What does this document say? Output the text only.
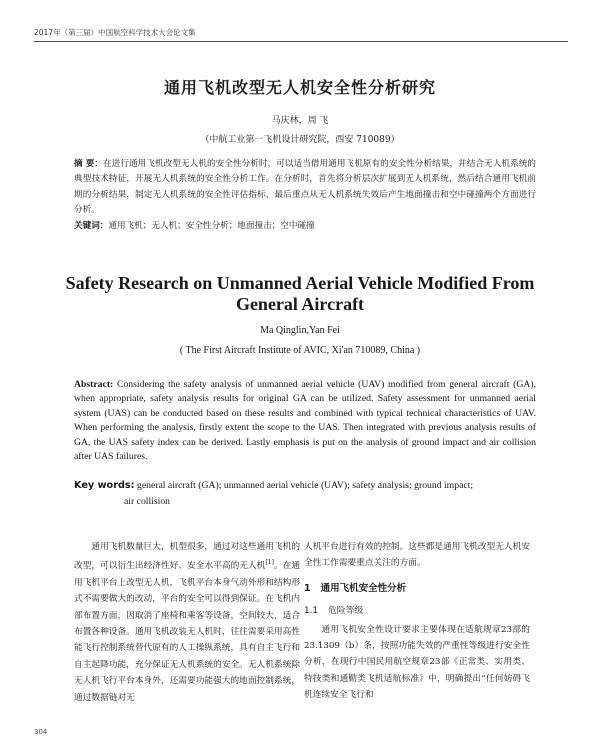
2017年（第三届）中国航空科学技术大会论文集
通用飞机改型无人机安全性分析研究
马庆林，周 飞
（中航工业第一飞机设计研究院，西安 710089）
摘 要：在进行通用飞机改型无人机的安全性分析时，可以适当借用通用飞机原有的安全性分析结果，并结合无人机系统的典型技术特征，开展无人机系统的安全性分析工作。在分析时，首先将分析层次扩展到无人机系统，然后结合通用飞机前期的分析结果，制定无人机系统的安全性评估指标，最后重点从无人机系统失效后产生地面撞击和空中碰撞两个方面进行分析。
关键词：通用飞机；无人机；安全性分析；地面撞击；空中碰撞
Safety Research on Unmanned Aerial Vehicle Modified From General Aircraft
Ma Qinglin,Yan Fei
( The First Aircraft Institute of AVIC, Xi'an 710089, China )
Abstract: Considering the safety analysis of unmanned aerial vehicle (UAV) modified from general aircraft (GA), when appropriate, safety analysis results for original GA can be utilized. Safety assessment for unmanned aerial system (UAS) can be conducted based on these results and combined with typical technical characteristics of UAV. When performing the analysis, firstly extent the scope to the UAS. Then integrated with previous analysis results of GA, the UAS safety index can be derived. Lastly emphasis is put on the analysis of ground impact and air collision after UAS failures.
Key words: general aircraft (GA); unmanned aerial vehicle (UAV); safety analysis; ground impact;
air collision

通用飞机数量巨大，机型很多，通过对这些通用飞机的改型，可以衍生出经济性好、安全水平高的无人机[1]。在通用飞机平台上改型无人机，飞机平台本身气动外形和结构形式不需要做大的改动，平台的安全可以得到保证。在飞机内部布置方面，因取消了座椅和乘客等设备，空间较大，适合布置各种设备。通用飞机改装无人机时，往往需要采用高性能飞行控制系统替代原有的人工操纵系统，具有自主飞行和自主起降功能，充分保证无人机系统的安全。无人机系统除无人机飞行平台本身外，还需要功能强大的地面控制系统，通过数据链对无

人机平台进行有效的控制。这些都是通用飞机改型无人机安全性工作需要重点关注的方面。

1 通用飞机安全性分析

1.1 危险等级

通用飞机安全性设计要求主要体现在适航规章23部的23.1309（b）条，按照功能失效的严重性等级进行安全性分析，在现行中国民用航空规章23部《正常类、实用类、特技类和通勤类飞机适航标准》中，明确提出“任何妨碍飞机连续安全飞行和

304
